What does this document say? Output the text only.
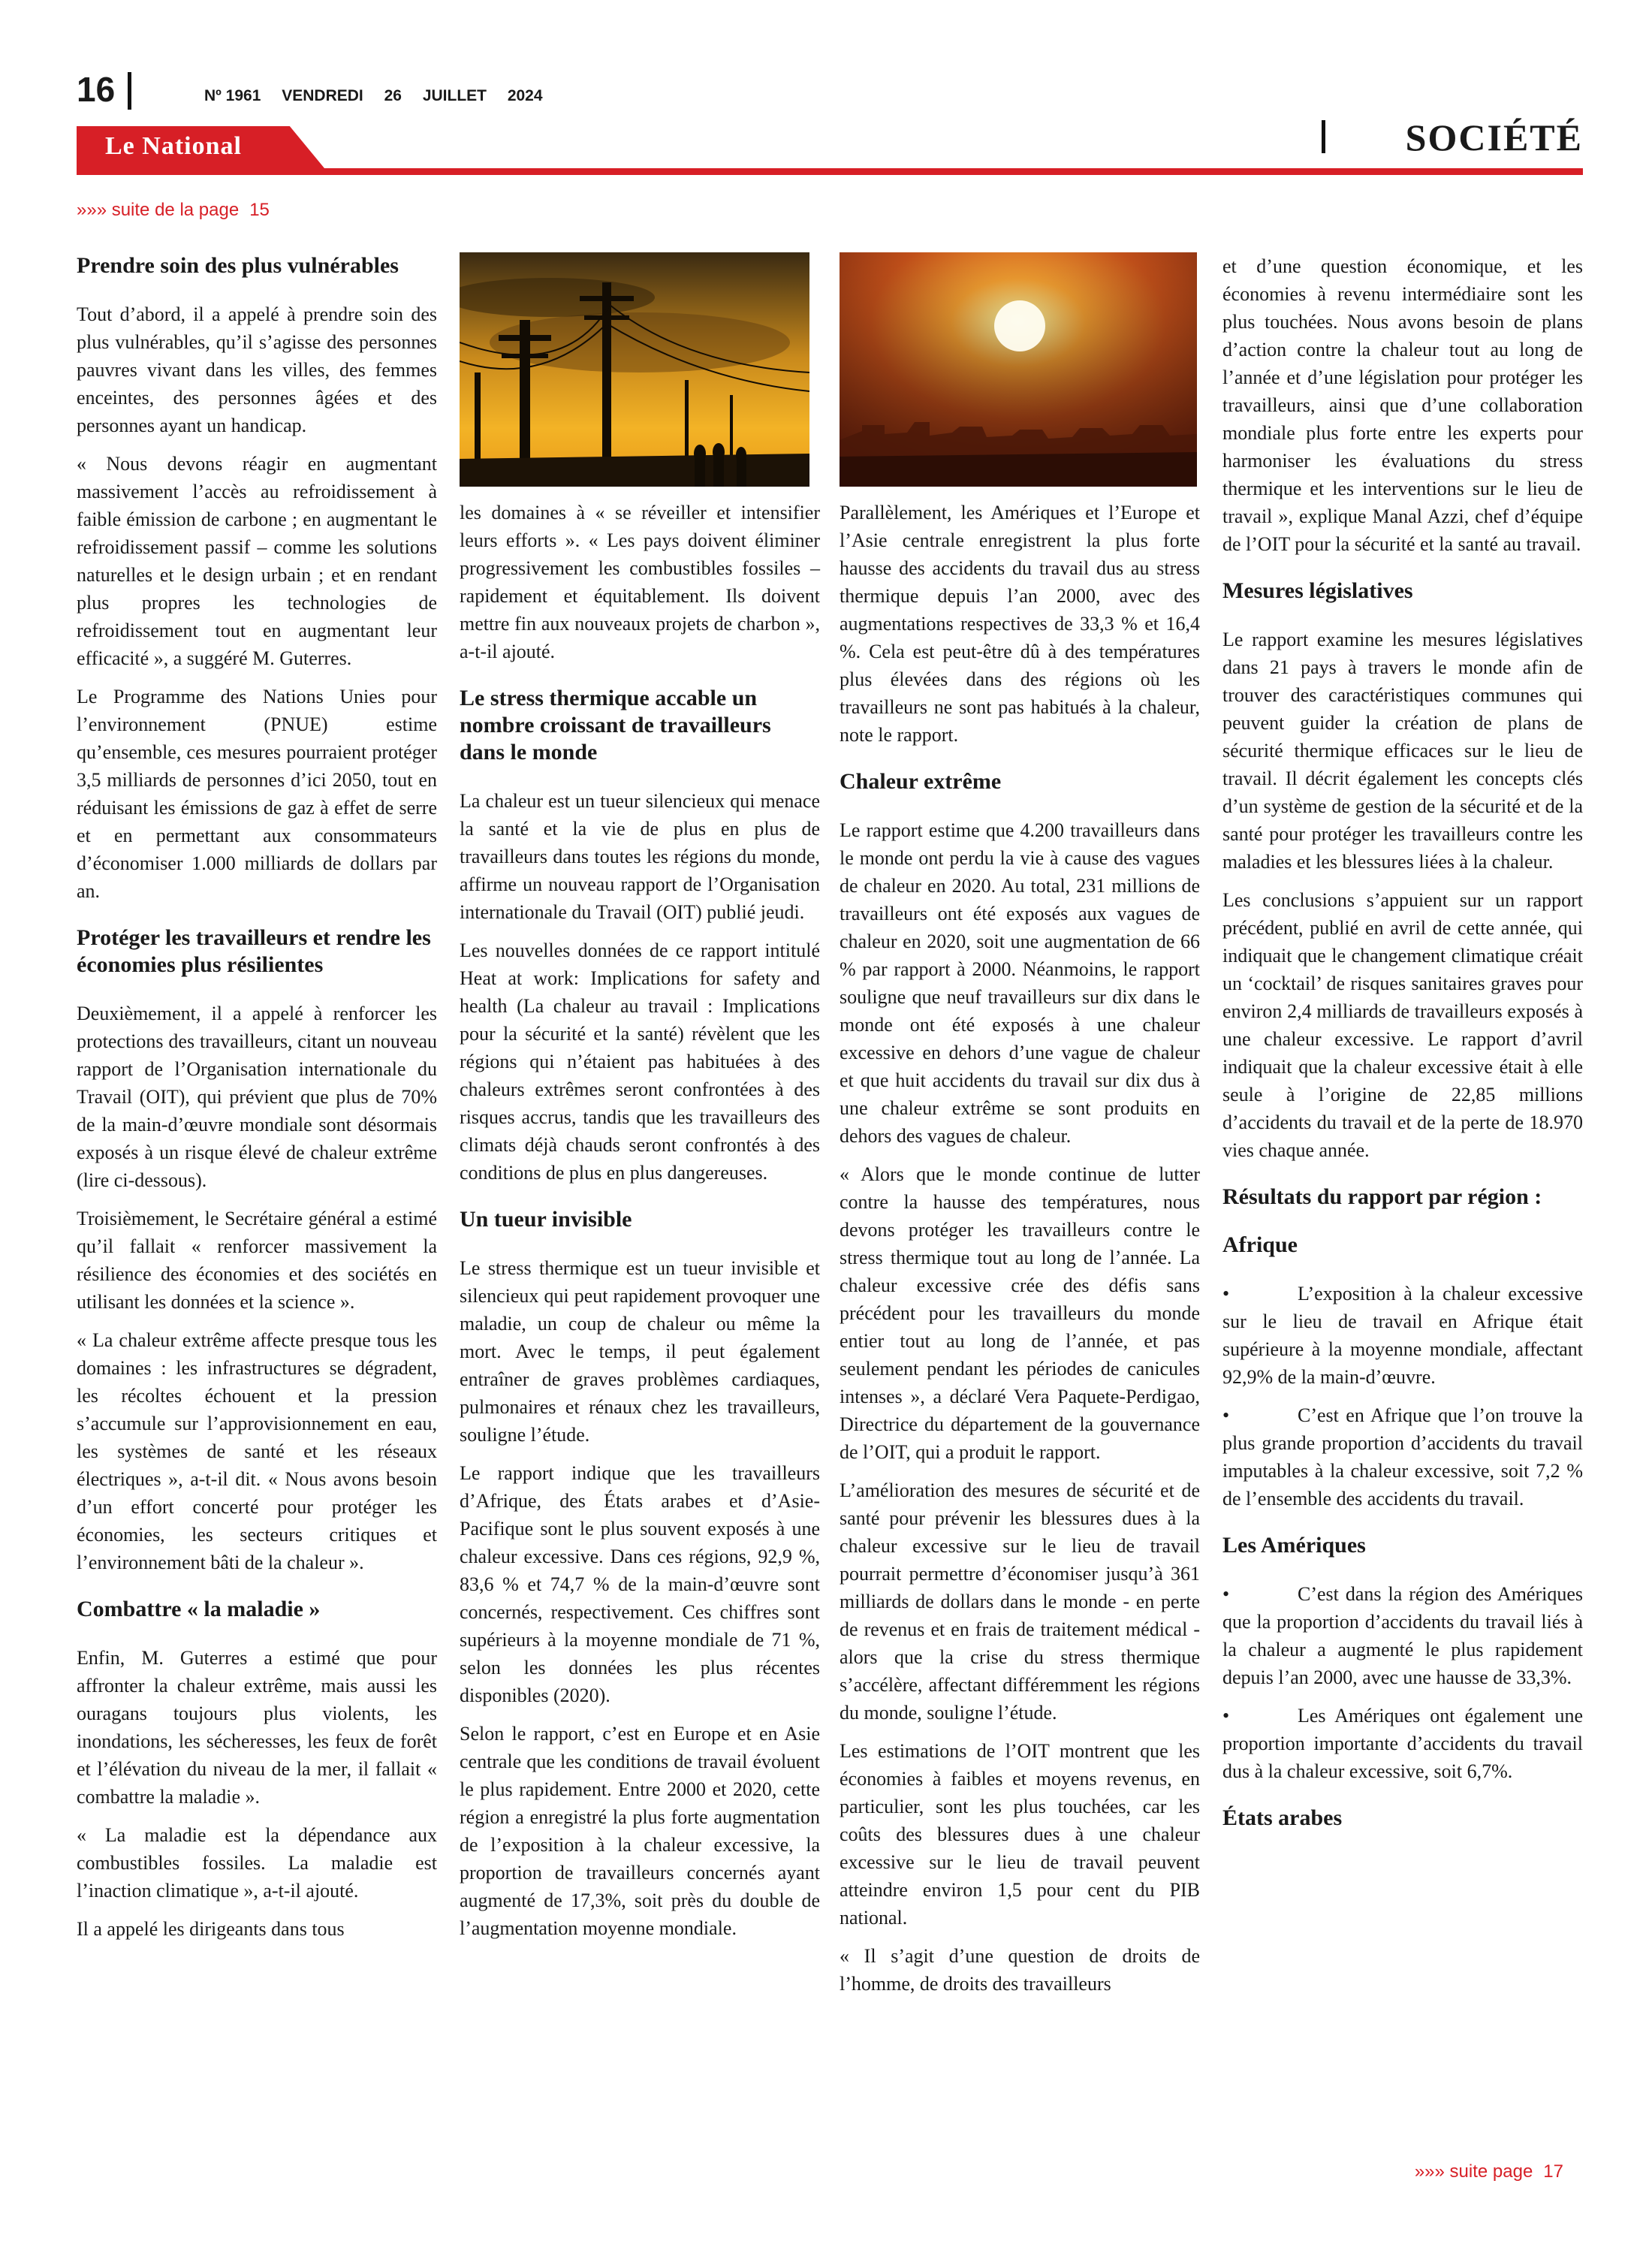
16	Nº 1961 VENDREDI 26 JUILLET 2024
Le National	SOCIÉTÉ
»»» suite de la page 15
Prendre soin des plus vulnérables

Tout d’abord, il a appelé à prendre soin des plus vulnérables, qu’il s’agisse des personnes pauvres vivant dans les villes, des femmes enceintes, des personnes âgées et des personnes ayant un handicap.

« Nous devons réagir en augmentant massivement l’accès au refroidissement à faible émission de carbone ; en augmentant le refroidissement passif – comme les solutions naturelles et le design urbain ; et en rendant plus propres les technologies de refroidissement tout en augmentant leur efficacité », a suggéré M. Guterres.

Le Programme des Nations Unies pour l’environnement (PNUE) estime qu’ensemble, ces mesures pourraient protéger 3,5 milliards de personnes d’ici 2050, tout en réduisant les émissions de gaz à effet de serre et en permettant aux consommateurs d’économiser 1.000 milliards de dollars par an.

Protéger les travailleurs et rendre les économies plus résilientes

Deuxièmement, il a appelé à renforcer les protections des travailleurs, citant un nouveau rapport de l’Organisation internationale du Travail (OIT), qui prévient que plus de 70% de la main-d’œuvre mondiale sont désormais exposés à un risque élevé de chaleur extrême (lire ci-dessous).

Troisièmement, le Secrétaire général a estimé qu’il fallait « renforcer massivement la résilience des économies et des sociétés en utilisant les données et la science ».

« La chaleur extrême affecte presque tous les domaines : les infrastructures se dégradent, les récoltes échouent et la pression s’accumule sur l’approvisionnement en eau, les systèmes de santé et les réseaux électriques », a-t-il dit. « Nous avons besoin d’un effort concerté pour protéger les économies, les secteurs critiques et l’environnement bâti de la chaleur ».

Combattre « la maladie »

Enfin, M. Guterres a estimé que pour affronter la chaleur extrême, mais aussi les ouragans toujours plus violents, les inondations, les sécheresses, les feux de forêt et l’élévation du niveau de la mer, il fallait « combattre la maladie ».

« La maladie est la dépendance aux combustibles fossiles. La maladie est l’inaction climatique », a-t-il ajouté.

Il a appelé les dirigeants dans tous

les domaines à « se réveiller et intensifier leurs efforts ». « Les pays doivent éliminer progressivement les combustibles fossiles – rapidement et équitablement. Ils doivent mettre fin aux nouveaux projets de charbon », a-t-il ajouté.

Le stress thermique accable un nombre croissant de travailleurs dans le monde

La chaleur est un tueur silencieux qui menace la santé et la vie de plus en plus de travailleurs dans toutes les régions du monde, affirme un nouveau rapport de l’Organisation internationale du Travail (OIT) publié jeudi.

Les nouvelles données de ce rapport intitulé Heat at work: Implications for safety and health (La chaleur au travail : Implications pour la sécurité et la santé) révèlent que les régions qui n’étaient pas habituées à des chaleurs extrêmes seront confrontées à des risques accrus, tandis que les travailleurs des climats déjà chauds seront confrontés à des conditions de plus en plus dangereuses.

Un tueur invisible

Le stress thermique est un tueur invisible et silencieux qui peut rapidement provoquer une maladie, un coup de chaleur ou même la mort. Avec le temps, il peut également entraîner de graves problèmes cardiaques, pulmonaires et rénaux chez les travailleurs, souligne l’étude.

Le rapport indique que les travailleurs d’Afrique, des États arabes et d’Asie-Pacifique sont le plus souvent exposés à une chaleur excessive. Dans ces régions, 92,9 %, 83,6 % et 74,7 % de la main-d’œuvre sont concernés, respectivement. Ces chiffres sont supérieurs à la moyenne mondiale de 71 %, selon les données les plus récentes disponibles (2020).

Selon le rapport, c’est en Europe et en Asie centrale que les conditions de travail évoluent le plus rapidement. Entre 2000 et 2020, cette région a enregistré la plus forte augmentation de l’exposition à la chaleur excessive, la proportion de travailleurs concernés ayant augmenté de 17,3%, soit près du double de l’augmentation moyenne mondiale.

Parallèlement, les Amériques et l’Europe et l’Asie centrale enregistrent la plus forte hausse des accidents du travail dus au stress thermique depuis l’an 2000, avec des augmentations respectives de 33,3 % et 16,4 %. Cela est peut-être dû à des températures plus élevées dans des régions où les travailleurs ne sont pas habitués à la chaleur, note le rapport.

Chaleur extrême

Le rapport estime que 4.200 travailleurs dans le monde ont perdu la vie à cause des vagues de chaleur en 2020. Au total, 231 millions de travailleurs ont été exposés aux vagues de chaleur en 2020, soit une augmentation de 66 % par rapport à 2000. Néanmoins, le rapport souligne que neuf travailleurs sur dix dans le monde ont été exposés à une chaleur excessive en dehors d’une vague de chaleur et que huit accidents du travail sur dix dus à une chaleur extrême se sont produits en dehors des vagues de chaleur.

« Alors que le monde continue de lutter contre la hausse des températures, nous devons protéger les travailleurs contre le stress thermique tout au long de l’année. La chaleur excessive crée des défis sans précédent pour les travailleurs du monde entier tout au long de l’année, et pas seulement pendant les périodes de canicules intenses », a déclaré Vera Paquete-Perdigao, Directrice du département de la gouvernance de l’OIT, qui a produit le rapport.

L’amélioration des mesures de sécurité et de santé pour prévenir les blessures dues à la chaleur excessive sur le lieu de travail pourrait permettre d’économiser jusqu’à 361 milliards de dollars dans le monde - en perte de revenus et en frais de traitement médical - alors que la crise du stress thermique s’accélère, affectant différemment les régions du monde, souligne l’étude.

Les estimations de l’OIT montrent que les économies à faibles et moyens revenus, en particulier, sont les plus touchées, car les coûts des blessures dues à une chaleur excessive sur le lieu de travail peuvent atteindre environ 1,5 pour cent du PIB national.

« Il s’agit d’une question de droits de l’homme, de droits des travailleurs

et d’une question économique, et les économies à revenu intermédiaire sont les plus touchées. Nous avons besoin de plans d’action contre la chaleur tout au long de l’année et d’une législation pour protéger les travailleurs, ainsi que d’une collaboration mondiale plus forte entre les experts pour harmoniser les évaluations du stress thermique et les interventions sur le lieu de travail », explique Manal Azzi, chef d’équipe de l’OIT pour la sécurité et la santé au travail.

Mesures législatives

Le rapport examine les mesures législatives dans 21 pays à travers le monde afin de trouver des caractéristiques communes qui peuvent guider la création de plans de sécurité thermique efficaces sur le lieu de travail. Il décrit également les concepts clés d’un système de gestion de la sécurité et de la santé pour protéger les travailleurs contre les maladies et les blessures liées à la chaleur.

Les conclusions s’appuient sur un rapport précédent, publié en avril de cette année, qui indiquait que le changement climatique créait un ‘cocktail’ de risques sanitaires graves pour environ 2,4 milliards de travailleurs exposés à une chaleur excessive. Le rapport d’avril indiquait que la chaleur excessive était à elle seule à l’origine de 22,85 millions d’accidents du travail et de la perte de 18.970 vies chaque année.

Résultats du rapport par région :
Afrique

•	L’exposition à la chaleur excessive sur le lieu de travail en Afrique était supérieure à la moyenne mondiale, affectant 92,9% de la main-d’œuvre.

•	C’est en Afrique que l’on trouve la plus grande proportion d’accidents du travail imputables à la chaleur excessive, soit 7,2 % de l’ensemble des accidents du travail.

Les Amériques

•	C’est dans la région des Amériques que la proportion d’accidents du travail liés à la chaleur a augmenté le plus rapidement depuis l’an 2000, avec une hausse de 33,3%.

•	Les Amériques ont également une proportion importante d’accidents du travail dus à la chaleur excessive, soit 6,7%.

États arabes
»»» suite page 17
